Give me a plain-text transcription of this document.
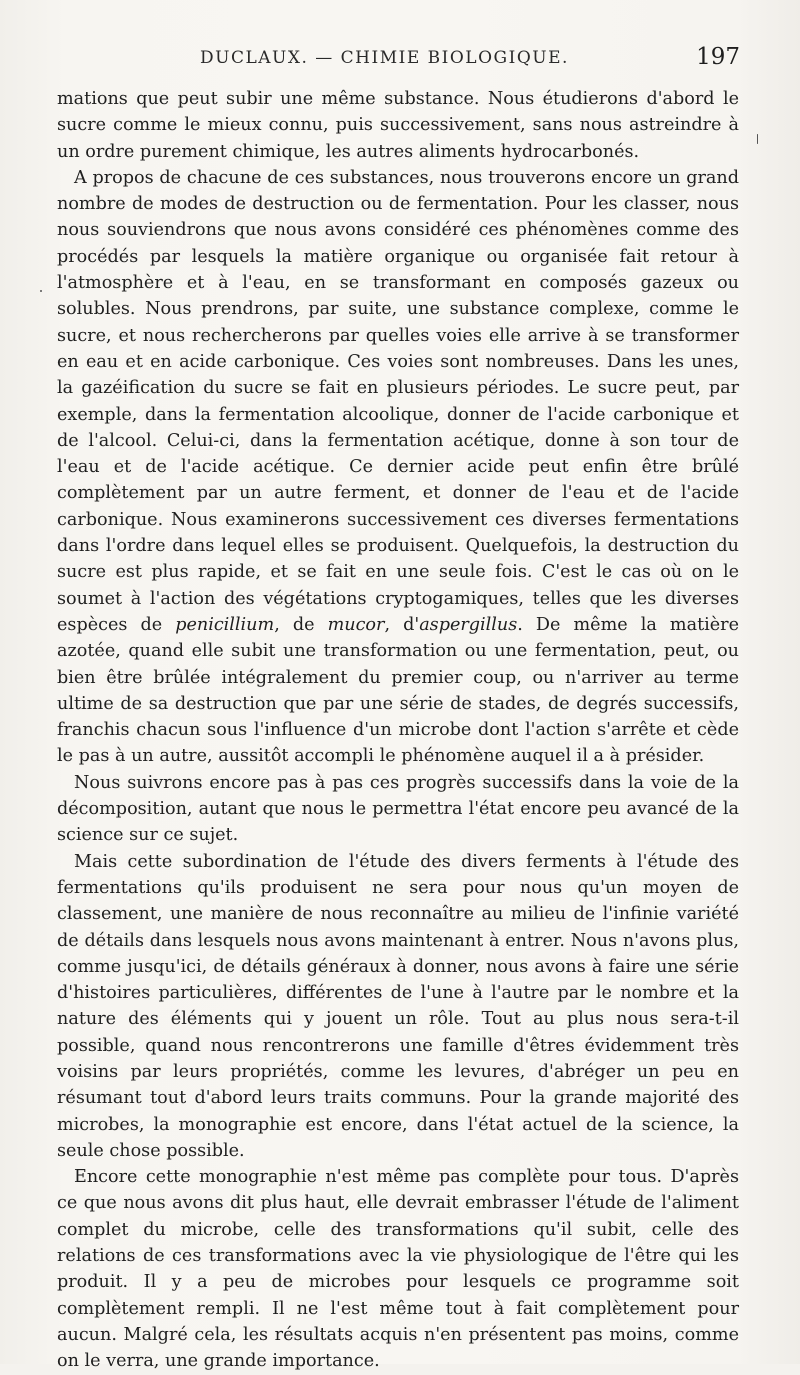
DUCLAUX. — CHIMIE BIOLOGIQUE.	197

mations que peut subir une même substance. Nous étudierons d'abord le sucre comme le mieux connu, puis successivement, sans nous astreindre à un ordre purement chimique, les autres aliments hydrocarbonés.

A propos de chacune de ces substances, nous trouverons encore un grand nombre de modes de destruction ou de fermentation. Pour les classer, nous nous souviendrons que nous avons considéré ces phénomènes comme des procédés par lesquels la matière organique ou organisée fait retour à l'atmosphère et à l'eau, en se transformant en composés gazeux ou solubles. Nous prendrons, par suite, une substance complexe, comme le sucre, et nous rechercherons par quelles voies elle arrive à se transformer en eau et en acide carbonique. Ces voies sont nombreuses. Dans les unes, la gazéification du sucre se fait en plusieurs périodes. Le sucre peut, par exemple, dans la fermentation alcoolique, donner de l'acide carbonique et de l'alcool. Celui-ci, dans la fermentation acétique, donne à son tour de l'eau et de l'acide acétique. Ce dernier acide peut enfin être brûlé complètement par un autre ferment, et donner de l'eau et de l'acide carbonique. Nous examinerons successivement ces diverses fermentations dans l'ordre dans lequel elles se produisent. Quelquefois, la destruction du sucre est plus rapide, et se fait en une seule fois. C'est le cas où on le soumet à l'action des végétations cryptogamiques, telles que les diverses espèces de penicillium, de mucor, d'aspergillus. De même la matière azotée, quand elle subit une transformation ou une fermentation, peut, ou bien être brûlée intégralement du premier coup, ou n'arriver au terme ultime de sa destruction que par une série de stades, de degrés successifs, franchis chacun sous l'influence d'un microbe dont l'action s'arrête et cède le pas à un autre, aussitôt accompli le phénomène auquel il a à présider.

Nous suivrons encore pas à pas ces progrès successifs dans la voie de la décomposition, autant que nous le permettra l'état encore peu avancé de la science sur ce sujet.

Mais cette subordination de l'étude des divers ferments à l'étude des fermentations qu'ils produisent ne sera pour nous qu'un moyen de classement, une manière de nous reconnaître au milieu de l'infinie variété de détails dans lesquels nous avons maintenant à entrer. Nous n'avons plus, comme jusqu'ici, de détails généraux à donner, nous avons à faire une série d'histoires particulières, différentes de l'une à l'autre par le nombre et la nature des éléments qui y jouent un rôle. Tout au plus nous sera-t-il possible, quand nous rencontrerons une famille d'êtres évidemment très voisins par leurs propriétés, comme les levures, d'abréger un peu en résumant tout d'abord leurs traits communs. Pour la grande majorité des microbes, la monographie est encore, dans l'état actuel de la science, la seule chose possible.

Encore cette monographie n'est même pas complète pour tous. D'après ce que nous avons dit plus haut, elle devrait embrasser l'étude de l'aliment complet du microbe, celle des transformations qu'il subit, celle des relations de ces transformations avec la vie physiologique de l'être qui les produit. Il y a peu de microbes pour lesquels ce programme soit complètement rempli. Il ne l'est même tout à fait complètement pour aucun. Malgré cela, les résultats acquis n'en présentent pas moins, comme on le verra, une grande importance.
